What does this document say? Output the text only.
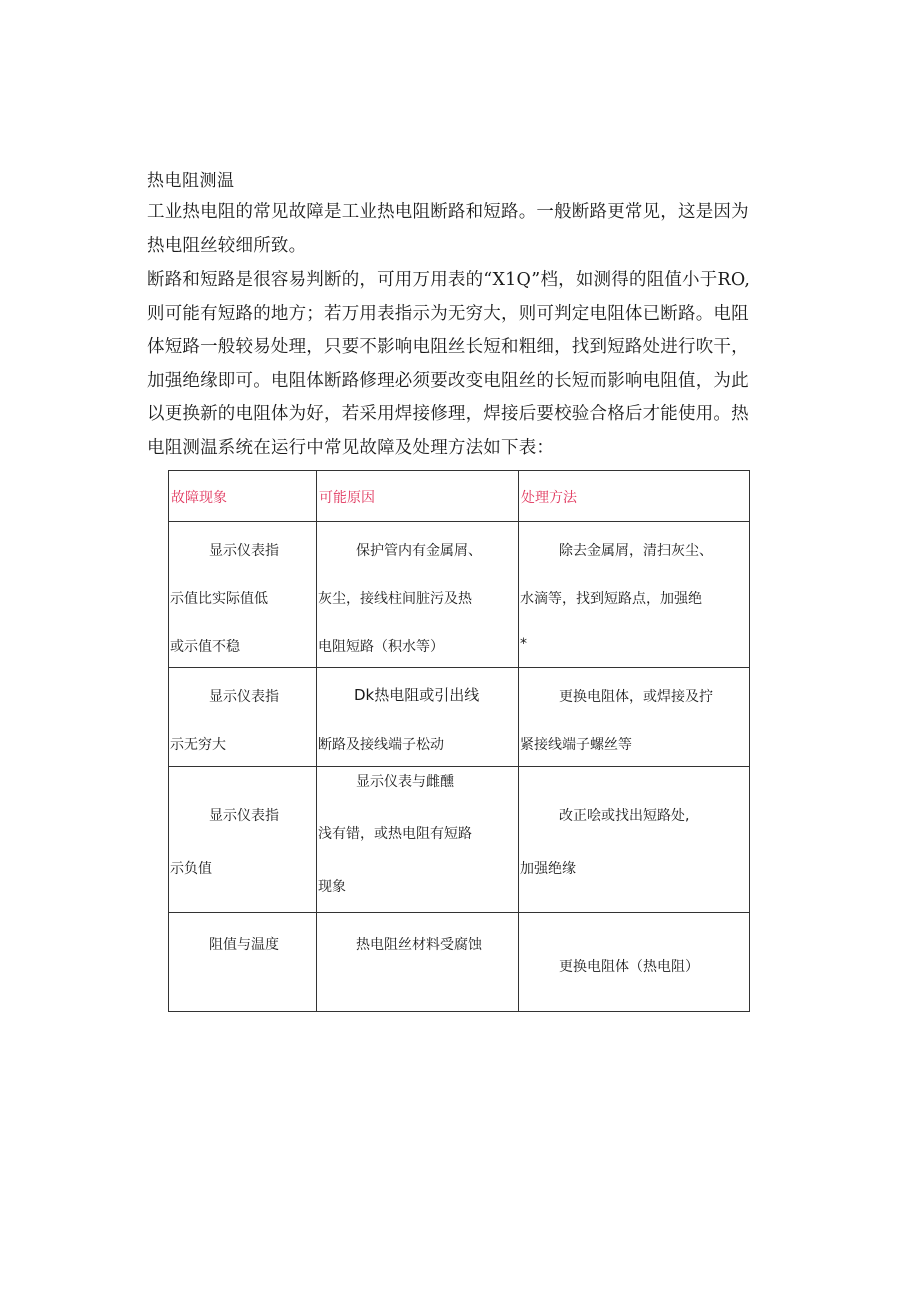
热电阻测温

工业热电阻的常见故障是工业热电阻断路和短路。一般断路更常见，这是因为
热电阻丝较细所致。

断路和短路是很容易判断的，可用万用表的“X1Q”档，如测得的阻值小于RO,
则可能有短路的地方；若万用表指示为无穷大，则可判定电阻体已断路。电阻
体短路一般较易处理，只要不影响电阻丝长短和粗细，找到短路处进行吹干，
加强绝缘即可。电阻体断路修理必须要改变电阻丝的长短而影响电阻值，为此
以更换新的电阻体为好，若采用焊接修理，焊接后要校验合格后才能使用。热
电阻测温系统在运行中常见故障及处理方法如下表：

故障现象	可能原因	处理方法

显示仪表指
示值比实际值低
或示值不稳	保护管内有金属屑、
灰尘，接线柱间脏污及热
电阻短路（积水等）	除去金属屑，清扫灰尘、
水滴等，找到短路点，加强绝
*

显示仪表指
示无穷大	Dk热电阻或引出线
断路及接线端子松动	更换电阻体，或焊接及拧
紧接线端子螺丝等

显示仪表指
示负值	显示仪表与雌醺
浅有错，或热电阻有短路
现象	改正哙或找出短路处,
加强绝缘

阻值与温度	热电阻丝材料受腐蚀	更换电阻体（热电阻）
